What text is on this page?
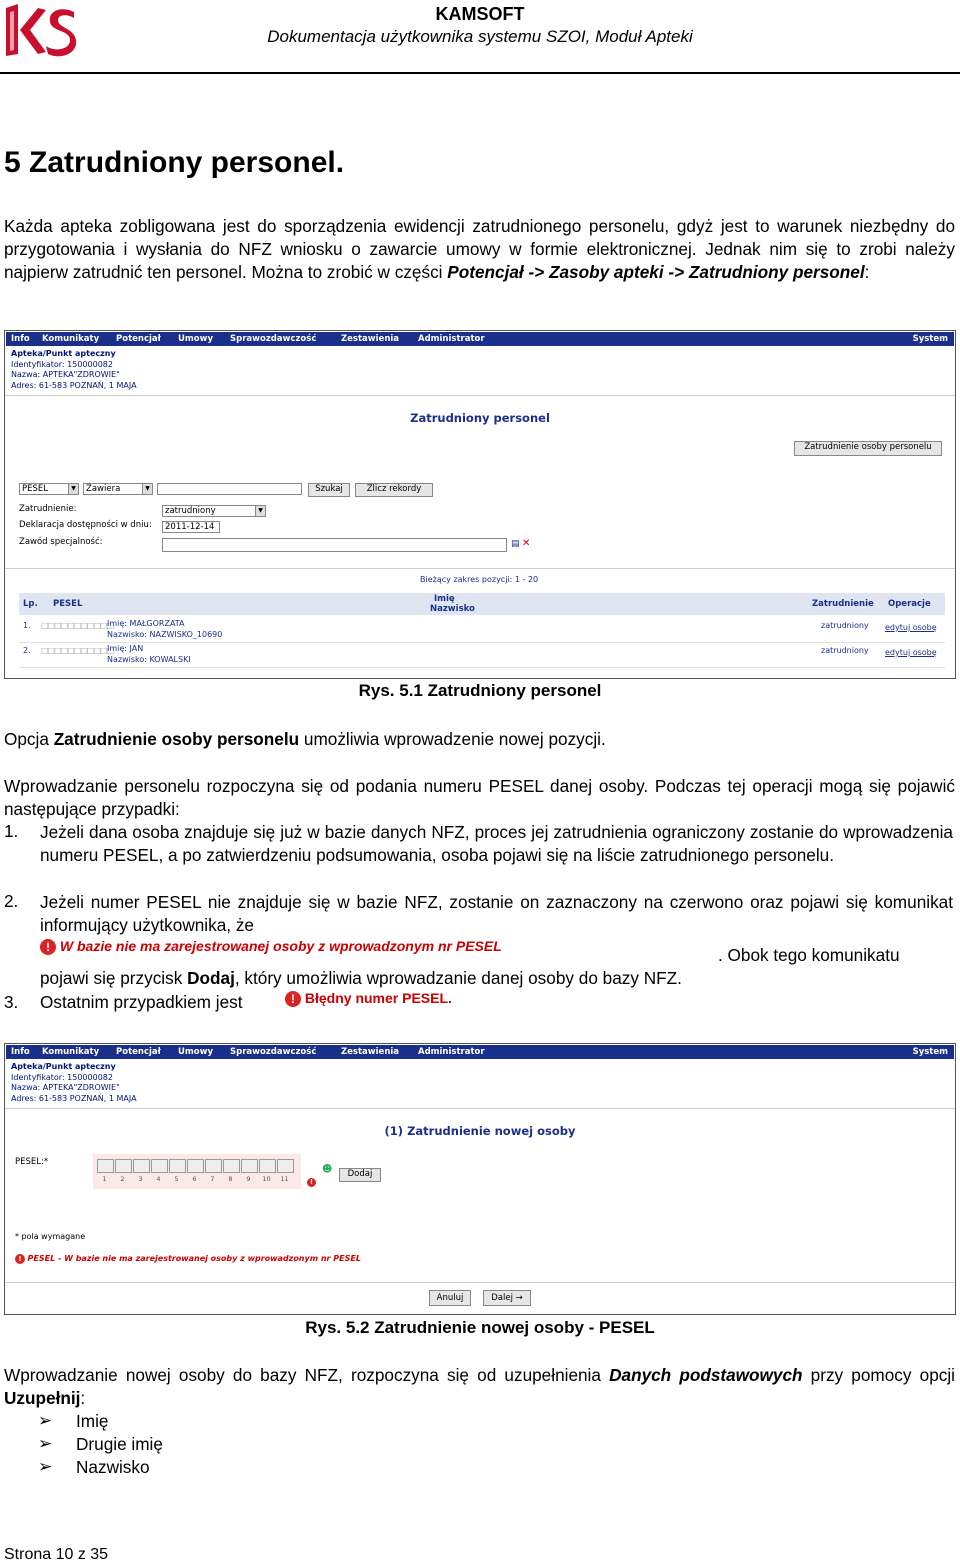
KAMSOFT
Dokumentacja użytkownika systemu SZOI, Moduł Apteki
5 Zatrudniony personel.
Każda apteka zobligowana jest do sporządzenia ewidencji zatrudnionego personelu, gdyż jest to warunek niezbędny do przygotowania i wysłania do NFZ wniosku o zawarcie umowy w formie elektronicznej. Jednak nim się to zrobi należy najpierw zatrudnić ten personel. Można to zrobić w części Potencjał -> Zasoby apteki -> Zatrudniony personel:
Info Komunikaty Potencjał Umowy Sprawozdawczość	Zestawienia Administrator	System
Apteka/Punkt apteczny
Identyfikator: 150000082
Nazwa: APTEKA"ZDROWIE"
Adres: 61-583 POZNAŃ, 1 MAJA
Zatrudniony personel
Zatrudnienie osoby personelu
PESEL	▼	Zawiera	▼	Szukaj	Zlicz rekordy
Zatrudnienie:	zatrudniony	▼
Deklaracja dostępności w dniu:	2011-12-14
Zawód specjalność:	▤ ✕
Bieżący zakres pozycji: 1 - 20
Lp. PESEL	Imię
Nazwisko	Zatrudnienie Operacje
1. □□□□□□□□□□□
Imię: MAŁGORZATA
Nazwisko: NAZWISKO_10690
zatrudniony edytuj osobę
2. □□□□□□□□□□□
Imię: JAN
Nazwisko: KOWALSKI
zatrudniony edytuj osobę
Rys. 5.1 Zatrudniony personel
Opcja Zatrudnienie osoby personelu umożliwia wprowadzenie nowej pozycji.
Wprowadzanie personelu rozpoczyna się od podania numeru PESEL danej osoby. Podczas tej operacji mogą się pojawić następujące przypadki:
1. Jeżeli dana osoba znajduje się już w bazie danych NFZ, proces jej zatrudnienia ograniczony zostanie do wprowadzenia numeru PESEL, a po zatwierdzeniu podsumowania, osoba pojawi się na liście zatrudnionego personelu.
2. Jeżeli numer PESEL nie znajduje się w bazie NFZ, zostanie on zaznaczony na czerwono oraz pojawi się komunikat informujący użytkownika, że
! W bazie nie ma zarejestrowanej osoby z wprowadzonym nr PESEL	. Obok tego komunikatu
pojawi się przycisk Dodaj, który umożliwia wprowadzanie danej osoby do bazy NFZ.
3. Ostatnim przypadkiem jest	! Błędny numer PESEL.
Info Komunikaty Potencjał Umowy Sprawozdawczość	Zestawienia Administrator	System
Apteka/Punkt apteczny
Identyfikator: 150000082
Nazwa: APTEKA"ZDROWIE"
Adres: 61-583 POZNAŃ, 1 MAJA
(1) Zatrudnienie nowej osoby
PESEL:*
1	2	3	4	5	6	7	8	9	10	11	!
☻	Dodaj
* pola wymagane
! PESEL - W bazie nie ma zarejestrowanej osoby z wprowadzonym nr PESEL
Anuluj	Dalej →
Rys. 5.2 Zatrudnienie nowej osoby - PESEL
Wprowadzanie nowej osoby do bazy NFZ, rozpoczyna się od uzupełnienia Danych podstawowych przy pomocy opcji Uzupełnij:
➢ Imię
➢ Drugie imię
➢ Nazwisko
Strona 10 z 35
